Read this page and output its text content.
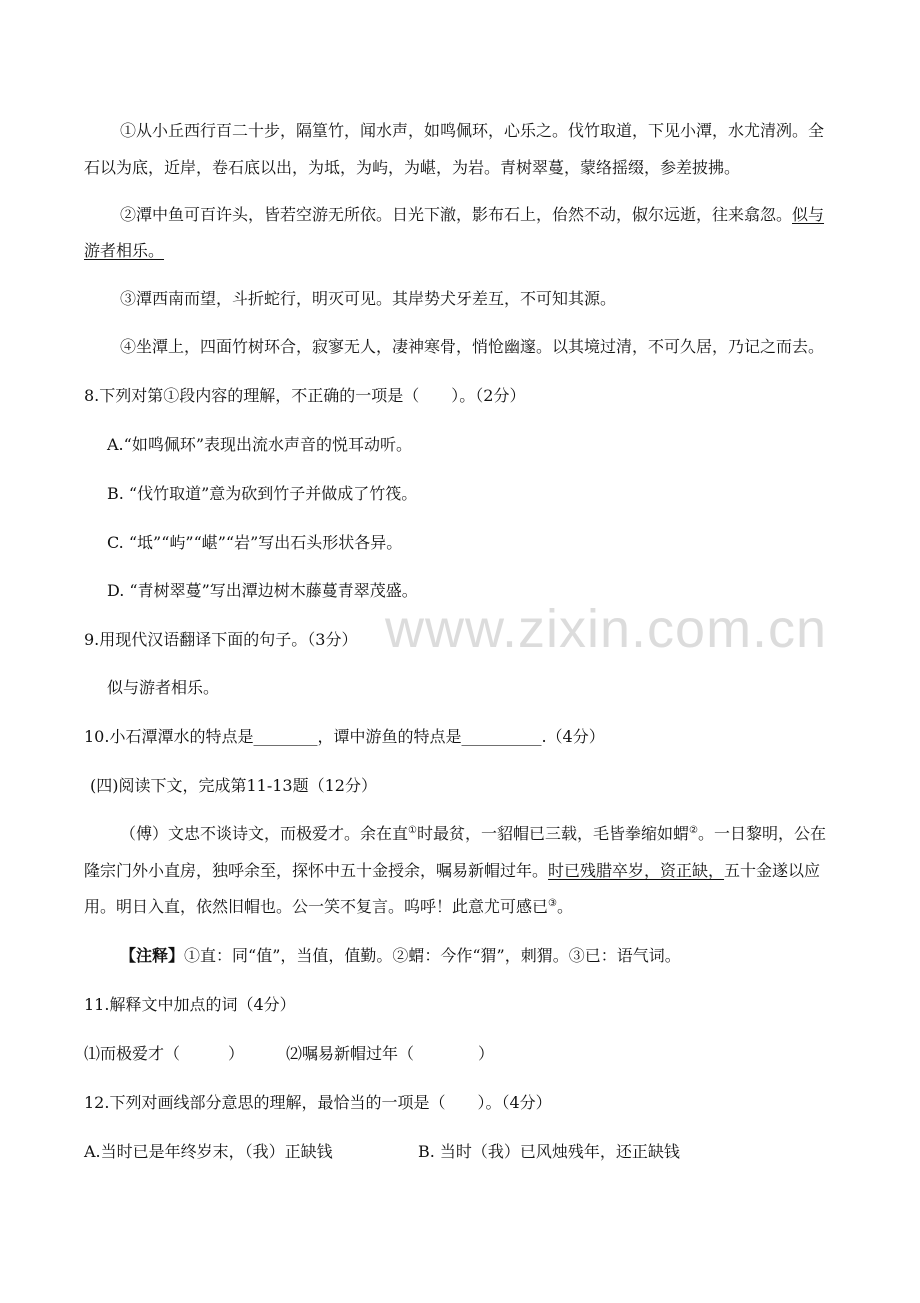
www.zixin.com.cn
①从小丘西行百二十步，隔篁竹，闻水声，如鸣佩环，心乐之。伐竹取道，下见小潭，水尤清冽。全
石以为底，近岸，卷石底以出，为坻，为屿，为嵁，为岩。青树翠蔓，蒙络摇缀，参差披拂。
②潭中鱼可百许头，皆若空游无所依。日光下澈，影布石上，佁然不动，俶尔远逝，往来翕忽。似与
游者相乐。
③潭西南而望，斗折蛇行，明灭可见。其岸势犬牙差互，不可知其源。
④坐潭上，四面竹树环合，寂寥无人，凄神寒骨，悄怆幽邃。以其境过清，不可久居，乃记之而去。
8.下列对第①段内容的理解，不正确的一项是（　　）。（2分）
A.“如鸣佩环”表现出流水声音的悦耳动听。
B. “伐竹取道”意为砍到竹子并做成了竹筏。
C. “坻”“屿”“嵁”“岩”写出石头形状各异。
D. “青树翠蔓”写出潭边树木藤蔓青翠茂盛。
9.用现代汉语翻译下面的句子。（3分）
似与游者相乐。
10.小石潭潭水的特点是________，谭中游鱼的特点是__________.（4分）
(四)阅读下文，完成第11-13题（12分）
（傅）文忠不谈诗文，而极爱才。余在直①时最贫，一貂帽已三载，毛皆拳缩如蝟②。一日黎明，公在
隆宗门外小直房，独呼余至，探怀中五十金授余，嘱易新帽过年。时已残腊卒岁，资正缺，五十金遂以应
用。明日入直，依然旧帽也。公一笑不复言。呜呼！此意尤可感已③。
【注释】①直：同“值”，当值，值勤。②蝟：今作“猬”，刺猬。③已：语气词。
11.解释文中加点的词（4分）
⑴而极爱才（　　　）	⑵嘱易新帽过年（　　　　）
12.下列对画线部分意思的理解，最恰当的一项是（　　）。（4分）
A.当时已是年终岁末，（我）正缺钱	B. 当时（我）已风烛残年，还正缺钱
